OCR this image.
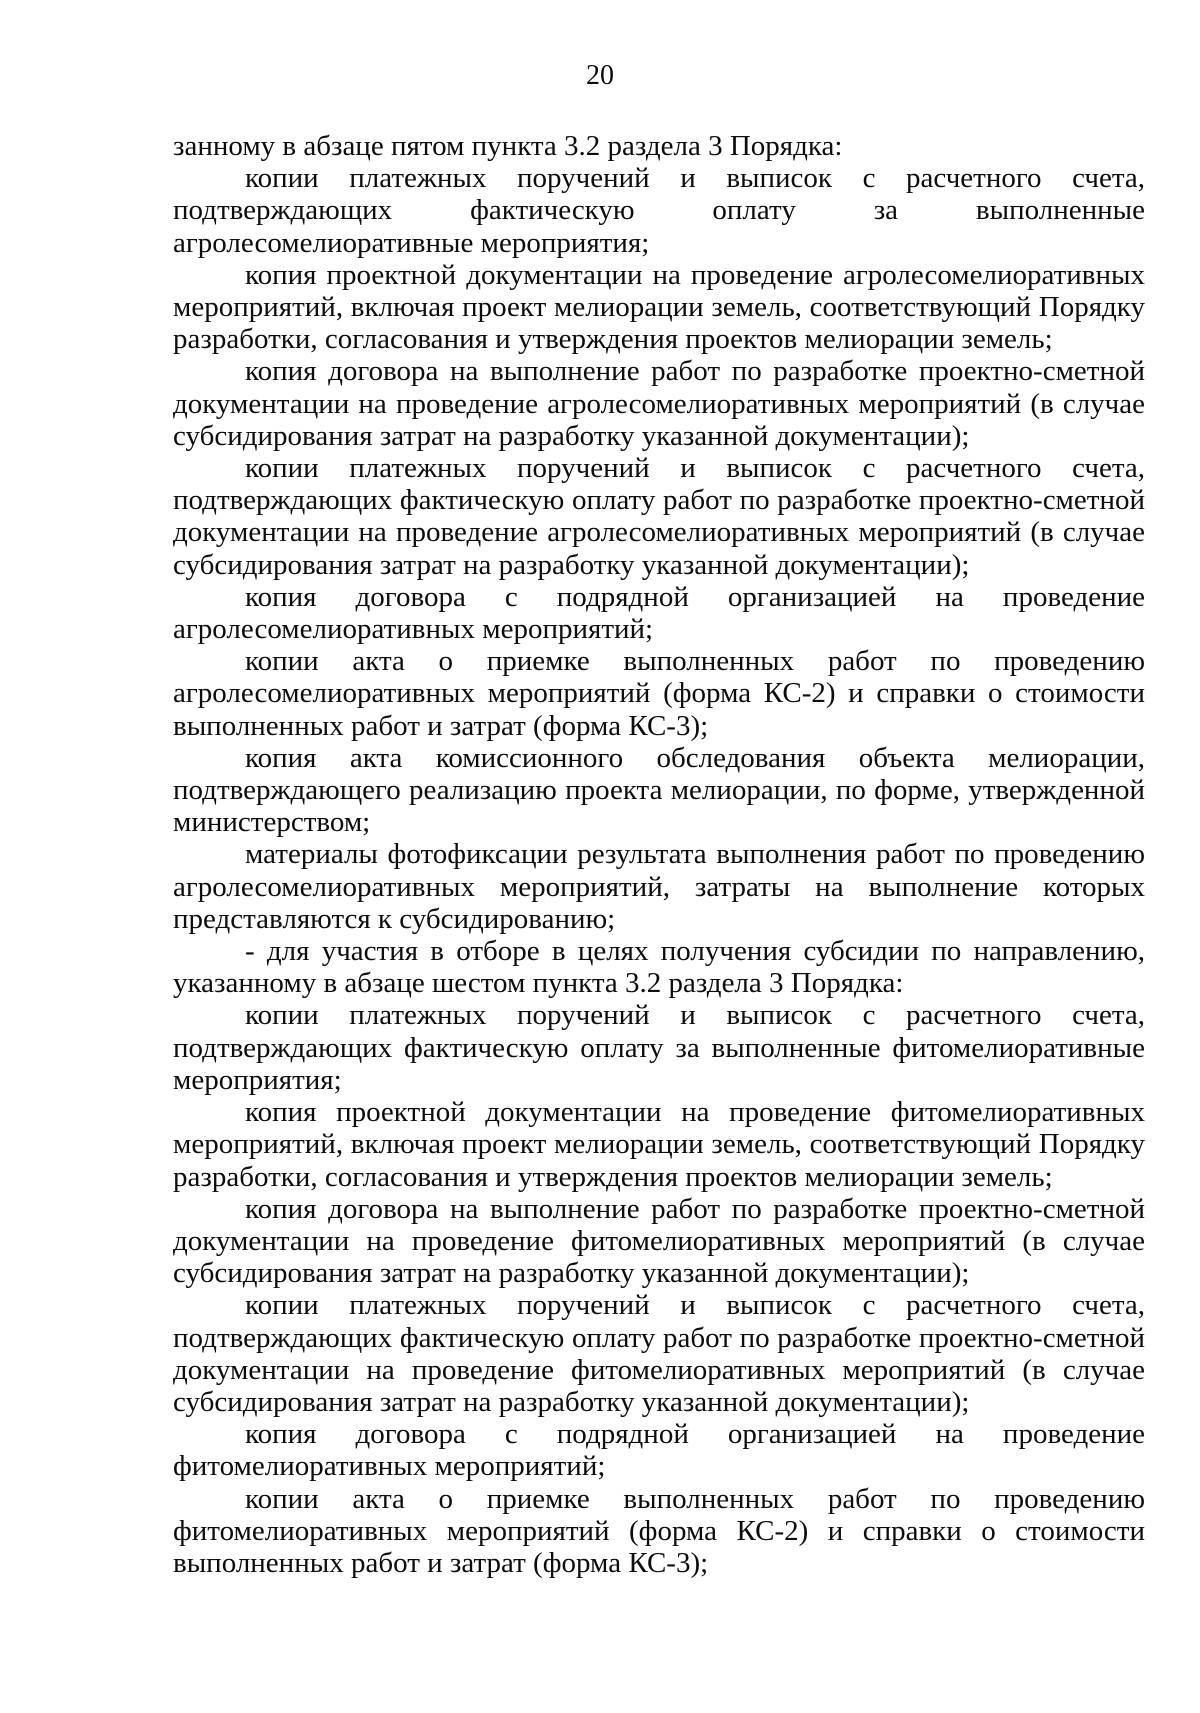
20

занному в абзаце пятом пункта 3.2 раздела 3 Порядка:

копии платежных поручений и выписок с расчетного счета, подтверждающих фактическую оплату за выполненные агролесомелиоративные мероприятия;

копия проектной документации на проведение агролесомелиоративных мероприятий, включая проект мелиорации земель, соответствующий Порядку разработки, согласования и утверждения проектов мелиорации земель;

копия договора на выполнение работ по разработке проектно-сметной документации на проведение агролесомелиоративных мероприятий (в случае субсидирования затрат на разработку указанной документации);

копии платежных поручений и выписок с расчетного счета, подтверждающих фактическую оплату работ по разработке проектно-сметной документации на проведение агролесомелиоративных мероприятий (в случае субсидирования затрат на разработку указанной документации);

копия договора с подрядной организацией на проведение агролесомелиоративных мероприятий;

копии акта о приемке выполненных работ по проведению агролесомелиоративных мероприятий (форма КС-2) и справки о стоимости выполненных работ и затрат (форма КС-3);

копия акта комиссионного обследования объекта мелиорации, подтверждающего реализацию проекта мелиорации, по форме, утвержденной министерством;

материалы фотофиксации результата выполнения работ по проведению агролесомелиоративных мероприятий, затраты на выполнение которых представляются к субсидированию;

- для участия в отборе в целях получения субсидии по направлению, указанному в абзаце шестом пункта 3.2 раздела 3 Порядка:

копии платежных поручений и выписок с расчетного счета, подтверждающих фактическую оплату за выполненные фитомелиоративные мероприятия;

копия проектной документации на проведение фитомелиоративных мероприятий, включая проект мелиорации земель, соответствующий Порядку разработки, согласования и утверждения проектов мелиорации земель;

копия договора на выполнение работ по разработке проектно-сметной документации на проведение фитомелиоративных мероприятий (в случае субсидирования затрат на разработку указанной документации);

копии платежных поручений и выписок с расчетного счета, подтверждающих фактическую оплату работ по разработке проектно-сметной документации на проведение фитомелиоративных мероприятий (в случае субсидирования затрат на разработку указанной документации);

копия договора с подрядной организацией на проведение фитомелиоративных мероприятий;

копии акта о приемке выполненных работ по проведению фитомелиоративных мероприятий (форма КС-2) и справки о стоимости выполненных работ и затрат (форма КС-3);
